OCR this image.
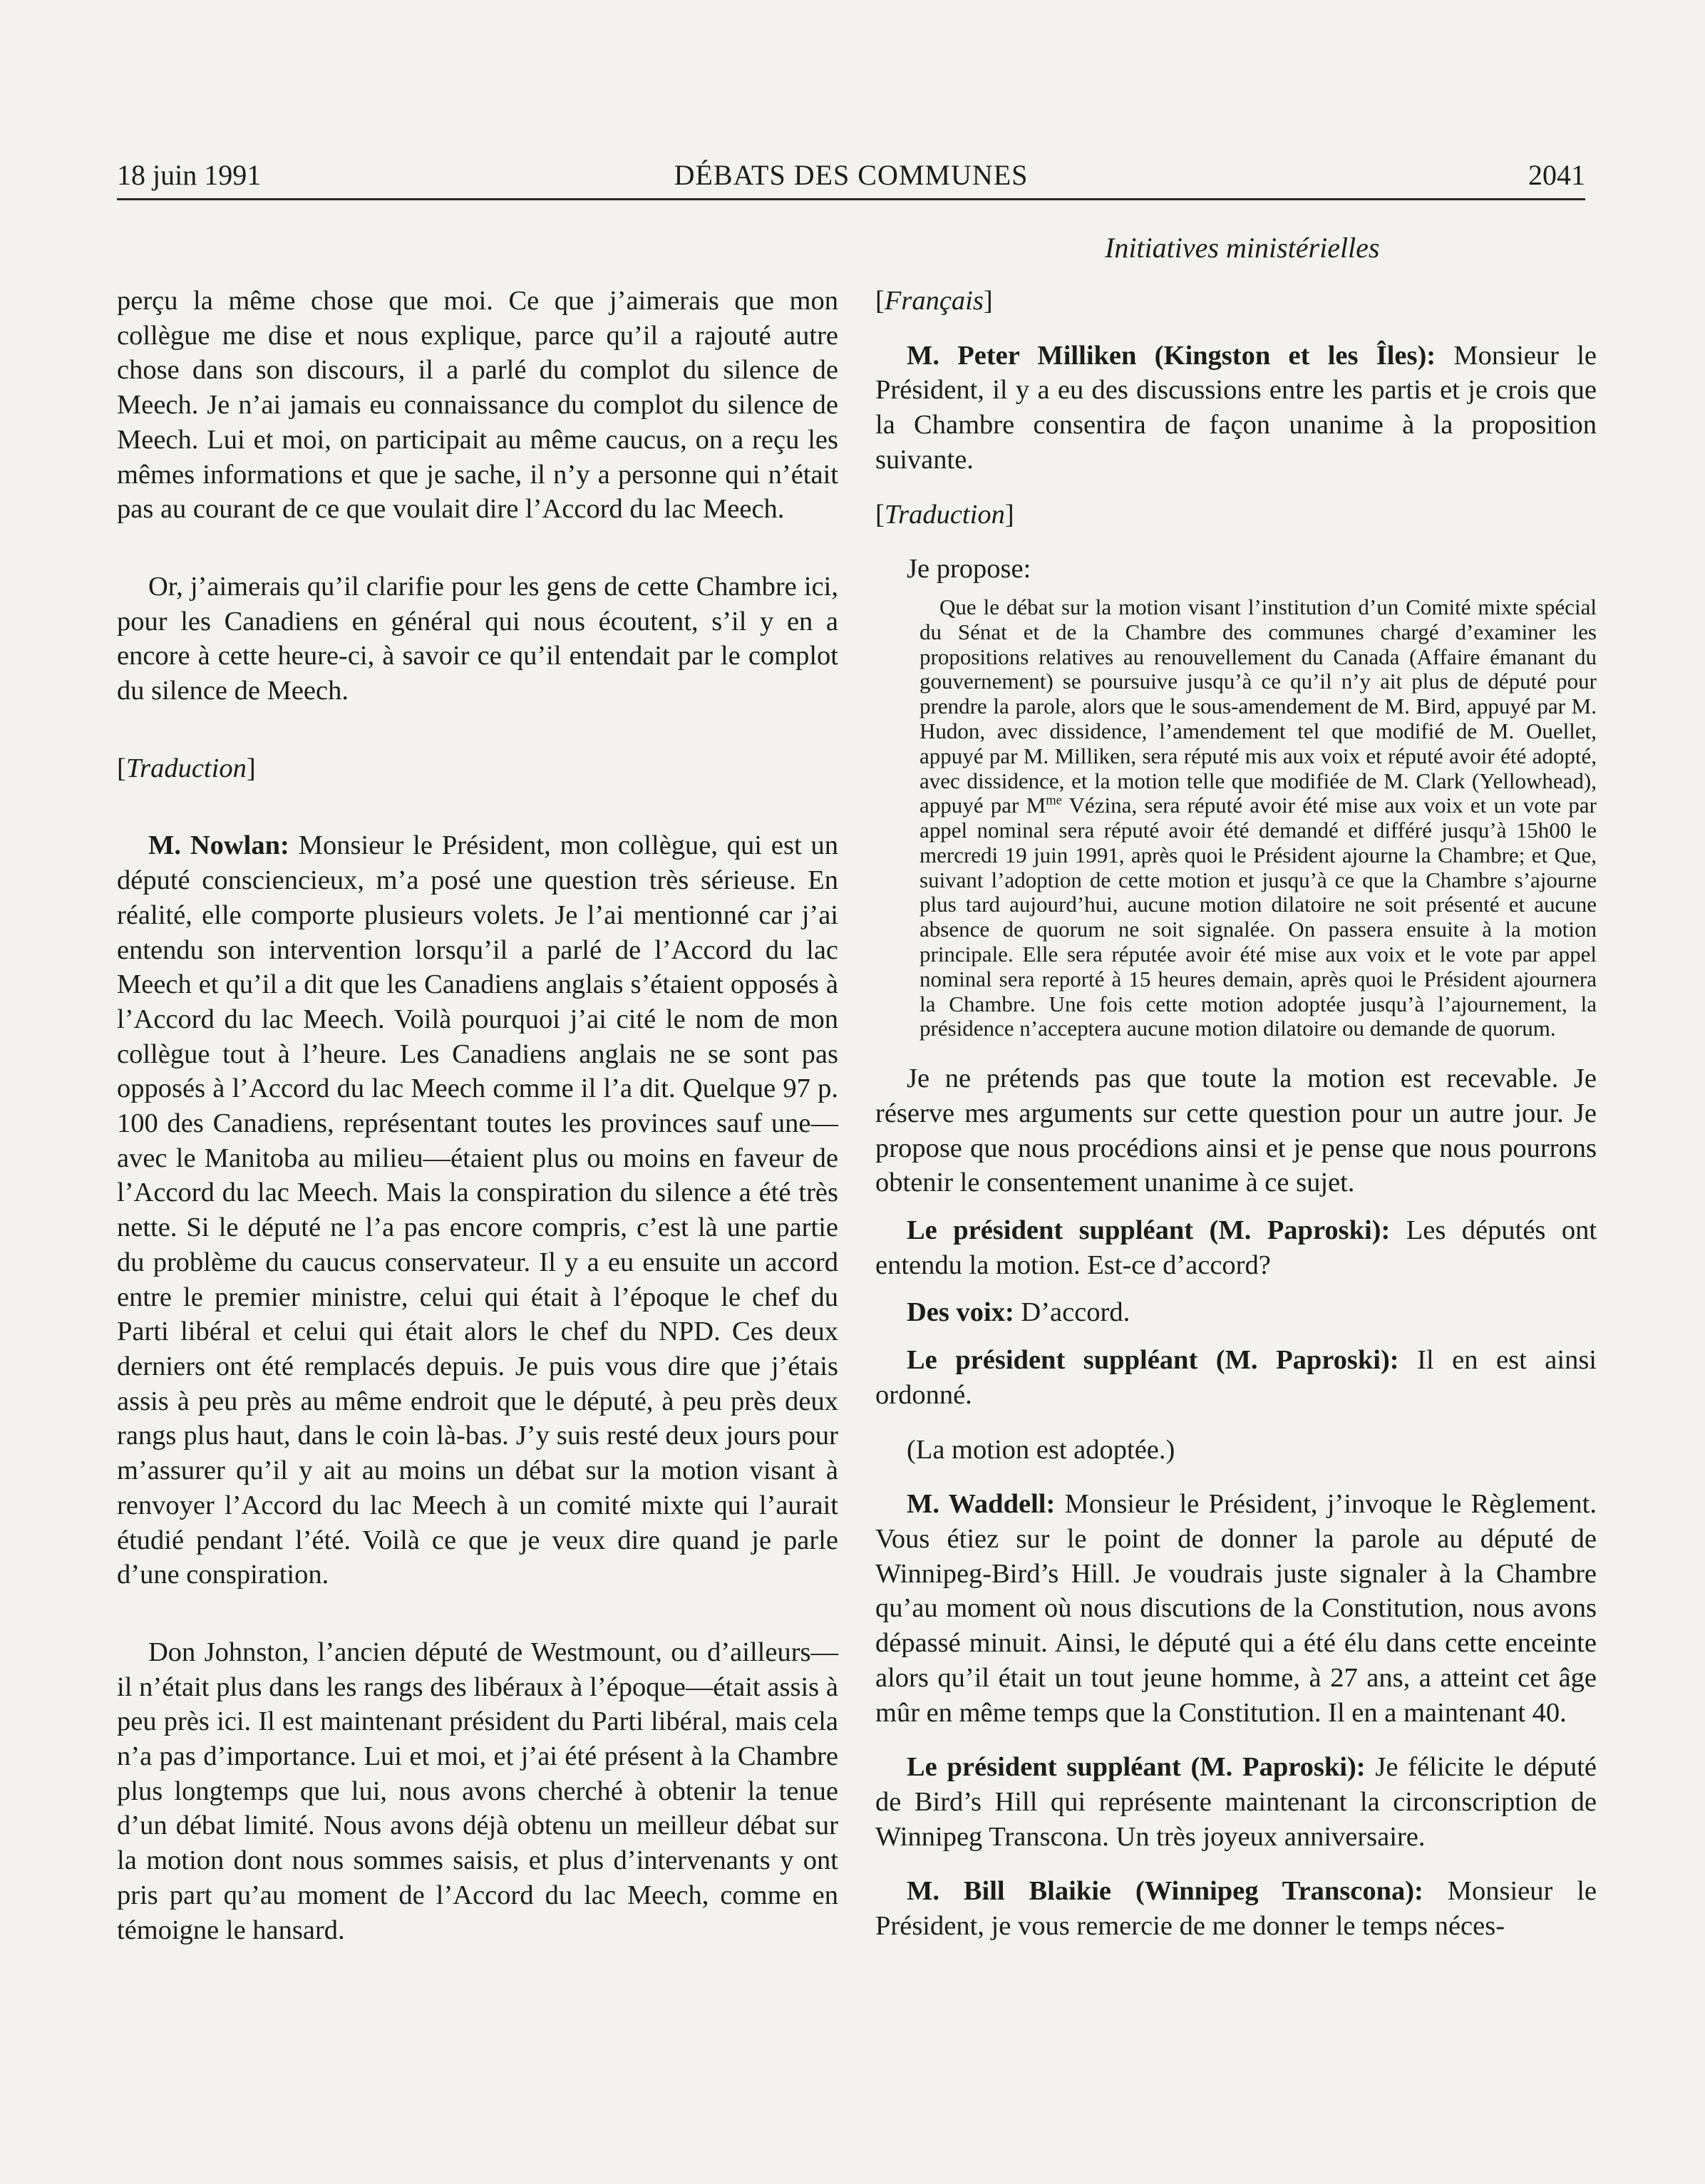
18 juin 1991	DÉBATS DES COMMUNES	2041
Initiatives ministérielles

perçu la même chose que moi. Ce que j’aimerais que mon collègue me dise et nous explique, parce qu’il a rajouté autre chose dans son discours, il a parlé du complot du silence de Meech. Je n’ai jamais eu connaissance du complot du silence de Meech. Lui et moi, on participait au même caucus, on a reçu les mêmes informations et que je sache, il n’y a personne qui n’était pas au courant de ce que voulait dire l’Accord du lac Meech.

Or, j’aimerais qu’il clarifie pour les gens de cette Chambre ici, pour les Canadiens en général qui nous écoutent, s’il y en a encore à cette heure-ci, à savoir ce qu’il entendait par le complot du silence de Meech.

[Traduction]

M. Nowlan: Monsieur le Président, mon collègue, qui est un député consciencieux, m’a posé une question très sérieuse. En réalité, elle comporte plusieurs volets. Je l’ai mentionné car j’ai entendu son intervention lorsqu’il a parlé de l’Accord du lac Meech et qu’il a dit que les Canadiens anglais s’étaient opposés à l’Accord du lac Meech. Voilà pourquoi j’ai cité le nom de mon collègue tout à l’heure. Les Canadiens anglais ne se sont pas opposés à l’Accord du lac Meech comme il l’a dit. Quelque 97 p. 100 des Canadiens, représentant toutes les provinces sauf une—avec le Manitoba au milieu—étaient plus ou moins en faveur de l’Accord du lac Meech. Mais la conspiration du silence a été très nette. Si le député ne l’a pas encore compris, c’est là une partie du problème du caucus conservateur. Il y a eu ensuite un accord entre le premier ministre, celui qui était à l’époque le chef du Parti libéral et celui qui était alors le chef du NPD. Ces deux derniers ont été remplacés depuis. Je puis vous dire que j’étais assis à peu près au même endroit que le député, à peu près deux rangs plus haut, dans le coin là-bas. J’y suis resté deux jours pour m’assurer qu’il y ait au moins un débat sur la motion visant à renvoyer l’Accord du lac Meech à un comité mixte qui l’aurait étudié pendant l’été. Voilà ce que je veux dire quand je parle d’une conspiration.

Don Johnston, l’ancien député de Westmount, ou d’ailleurs—il n’était plus dans les rangs des libéraux à l’époque—était assis à peu près ici. Il est maintenant président du Parti libéral, mais cela n’a pas d’importance. Lui et moi, et j’ai été présent à la Chambre plus longtemps que lui, nous avons cherché à obtenir la tenue d’un débat limité. Nous avons déjà obtenu un meilleur débat sur la motion dont nous sommes saisis, et plus d’intervenants y ont pris part qu’au moment de l’Accord du lac Meech, comme en témoigne le hansard.

[Français]

M. Peter Milliken (Kingston et les Îles): Monsieur le Président, il y a eu des discussions entre les partis et je crois que la Chambre consentira de façon unanime à la proposition suivante.

[Traduction]

Je propose:

Que le débat sur la motion visant l’institution d’un Comité mixte spécial du Sénat et de la Chambre des communes chargé d’examiner les propositions relatives au renouvellement du Canada (Affaire émanant du gouvernement) se poursuive jusqu’à ce qu’il n’y ait plus de député pour prendre la parole, alors que le sous-amendement de M. Bird, appuyé par M. Hudon, avec dissidence, l’amendement tel que modifié de M. Ouellet, appuyé par M. Milliken, sera réputé mis aux voix et réputé avoir été adopté, avec dissidence, et la motion telle que modifiée de M. Clark (Yellowhead), appuyé par $M^{me}$ Vézina, sera réputé avoir été mise aux voix et un vote par appel nominal sera réputé avoir été demandé et différé jusqu’à 15h00 le mercredi 19 juin 1991, après quoi le Président ajourne la Chambre; et Que, suivant l’adoption de cette motion et jusqu’à ce que la Chambre s’ajourne plus tard aujourd’hui, aucune motion dilatoire ne soit présenté et aucune absence de quorum ne soit signalée. On passera ensuite à la motion principale. Elle sera réputée avoir été mise aux voix et le vote par appel nominal sera reporté à 15 heures demain, après quoi le Président ajournera la Chambre. Une fois cette motion adoptée jusqu’à l’ajournement, la présidence n’acceptera aucune motion dilatoire ou demande de quorum.

Je ne prétends pas que toute la motion est recevable. Je réserve mes arguments sur cette question pour un autre jour. Je propose que nous procédions ainsi et je pense que nous pourrons obtenir le consentement unanime à ce sujet.

Le président suppléant (M. Paproski): Les députés ont entendu la motion. Est-ce d’accord?

Des voix: D’accord.

Le président suppléant (M. Paproski): Il en est ainsi ordonné.

(La motion est adoptée.)

M. Waddell: Monsieur le Président, j’invoque le Règlement. Vous étiez sur le point de donner la parole au député de Winnipeg-Bird’s Hill. Je voudrais juste signaler à la Chambre qu’au moment où nous discutions de la Constitution, nous avons dépassé minuit. Ainsi, le député qui a été élu dans cette enceinte alors qu’il était un tout jeune homme, à 27 ans, a atteint cet âge mûr en même temps que la Constitution. Il en a maintenant 40.

Le président suppléant (M. Paproski): Je félicite le député de Bird’s Hill qui représente maintenant la circonscription de Winnipeg Transcona. Un très joyeux anniversaire.

M. Bill Blaikie (Winnipeg Transcona): Monsieur le Président, je vous remercie de me donner le temps néces-
